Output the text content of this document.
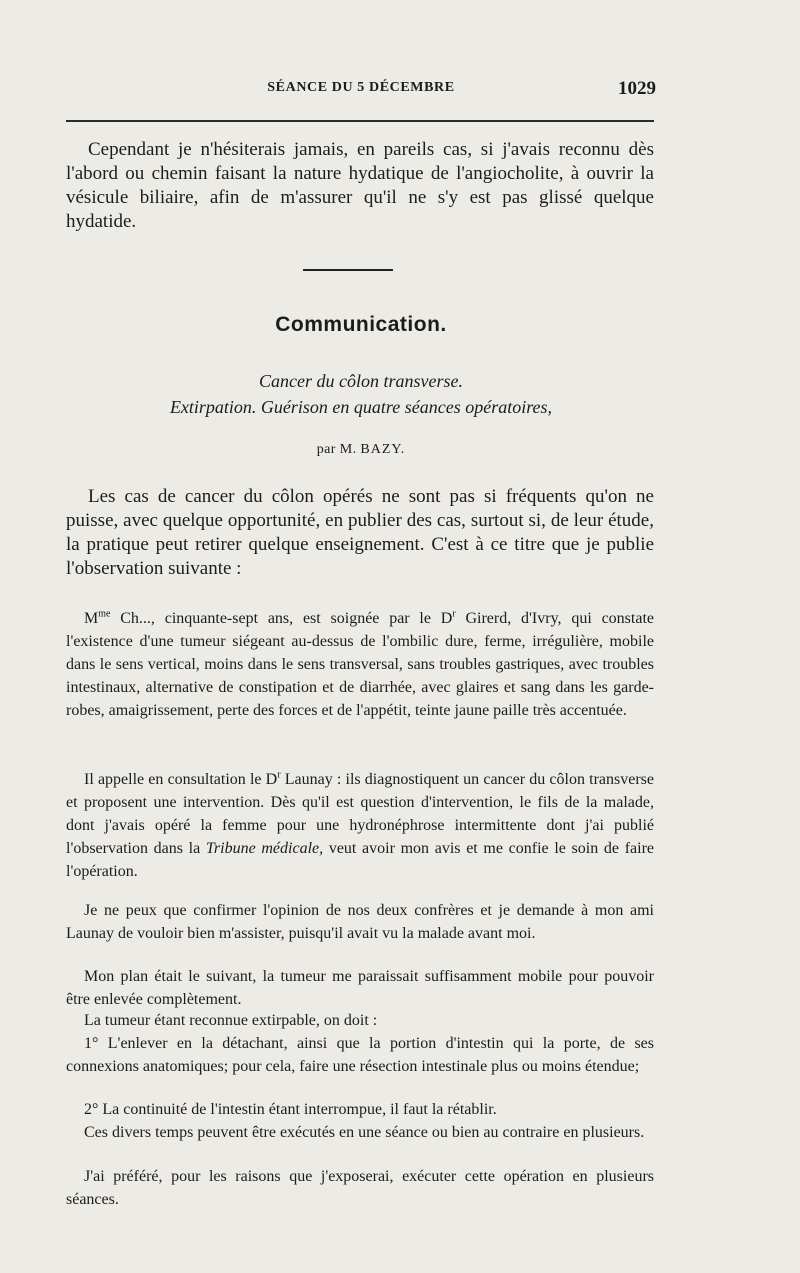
SÉANCE DU 5 DÉCEMBRE	1029

Cependant je n'hésiterais jamais, en pareils cas, si j'avais reconnu dès l'abord ou chemin faisant la nature hydatique de l'angiocholite, à ouvrir la vésicule biliaire, afin de m'assurer qu'il ne s'y est pas glissé quelque hydatide.

Communication.
Cancer du côlon transverse.
Extirpation. Guérison en quatre séances opératoires,
par M. BAZY.

Les cas de cancer du côlon opérés ne sont pas si fréquents qu'on ne puisse, avec quelque opportunité, en publier des cas, surtout si, de leur étude, la pratique peut retirer quelque enseignement. C'est à ce titre que je publie l'observation suivante :

$M^{me}$ Ch..., cinquante-sept ans, est soignée par le $D^r$ Girerd, d'Ivry, qui constate l'existence d'une tumeur siégeant au-dessus de l'ombilic dure, ferme, irrégulière, mobile dans le sens vertical, moins dans le sens transversal, sans troubles gastriques, avec troubles intestinaux, alternative de constipation et de diarrhée, avec glaires et sang dans les garde-robes, amaigrissement, perte des forces et de l'appétit, teinte jaune paille très accentuée.

Il appelle en consultation le $D^r$ Launay : ils diagnostiquent un cancer du côlon transverse et proposent une intervention. Dès qu'il est question d'intervention, le fils de la malade, dont j'avais opéré la femme pour une hydronéphrose intermittente dont j'ai publié l'observation dans la Tribune médicale, veut avoir mon avis et me confie le soin de faire l'opération.

Je ne peux que confirmer l'opinion de nos deux confrères et je demande à mon ami Launay de vouloir bien m'assister, puisqu'il avait vu la malade avant moi.

Mon plan était le suivant, la tumeur me paraissait suffisamment mobile pour pouvoir être enlevée complètement.

La tumeur étant reconnue extirpable, on doit :

1° L'enlever en la détachant, ainsi que la portion d'intestin qui la porte, de ses connexions anatomiques; pour cela, faire une résection intestinale plus ou moins étendue;

2° La continuité de l'intestin étant interrompue, il faut la rétablir.

Ces divers temps peuvent être exécutés en une séance ou bien au contraire en plusieurs.

J'ai préféré, pour les raisons que j'exposerai, exécuter cette opération en plusieurs séances.
